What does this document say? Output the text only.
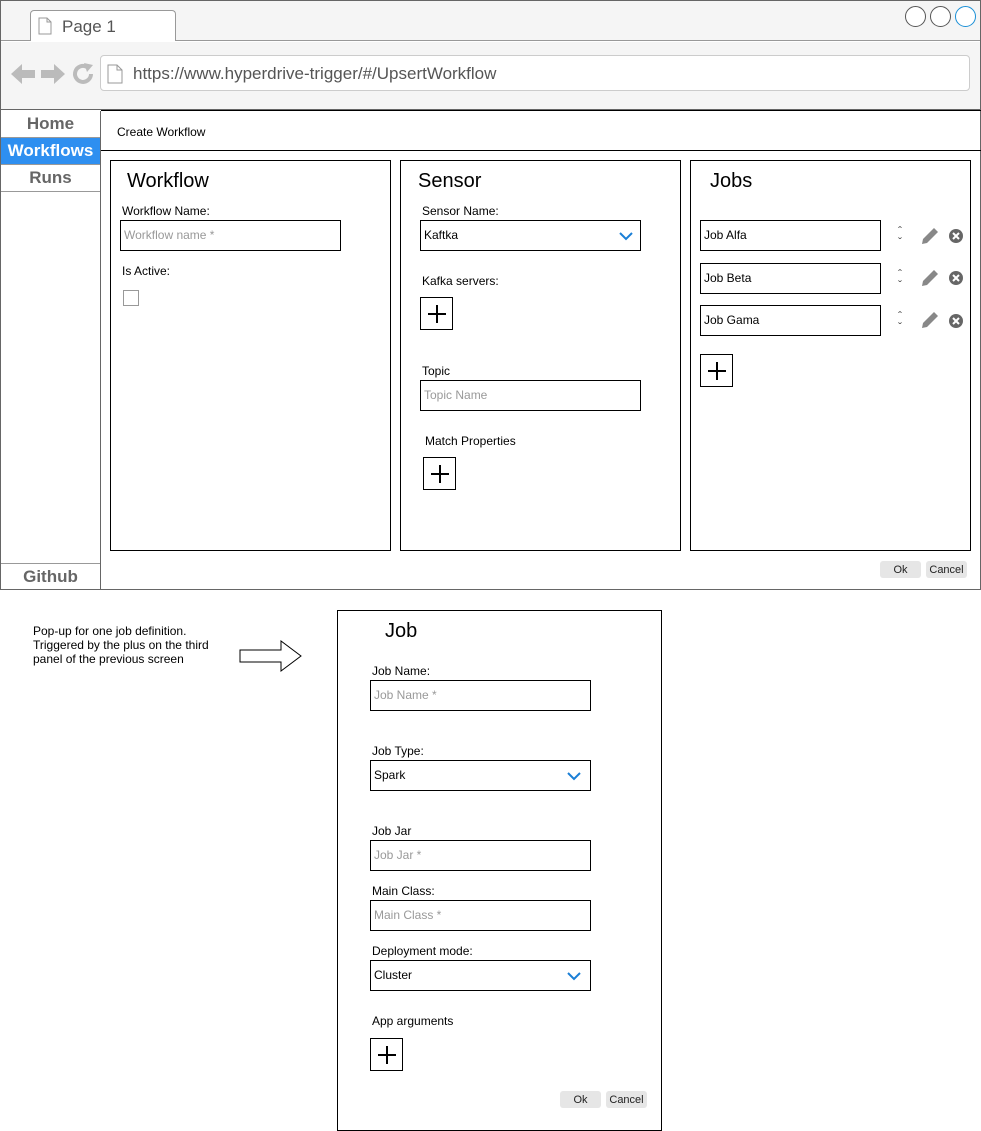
Page 1
https://www.hyperdrive-trigger/#/UpsertWorkflow
Home
Workflows
Runs
Github
Create Workflow
Workflow
Workflow Name:
Workflow name *
Is Active:
Sensor
Sensor Name:
Kaftka
Kafka servers:
Topic
Topic Name
Match Properties
Jobs
Job Alfa	ˆ
ˇ
Job Beta	ˆ
ˇ
Job Gama	ˆ
ˇ
Ok	Cancel
Pop-up for one job definition.
Triggered by the plus on the third
panel of the previous screen
Job
Job Name:
Job Name *
Job Type:
Spark
Job Jar
Job Jar *
Main Class:
Main Class *
Deployment mode:
Cluster
App arguments
Ok	Cancel
